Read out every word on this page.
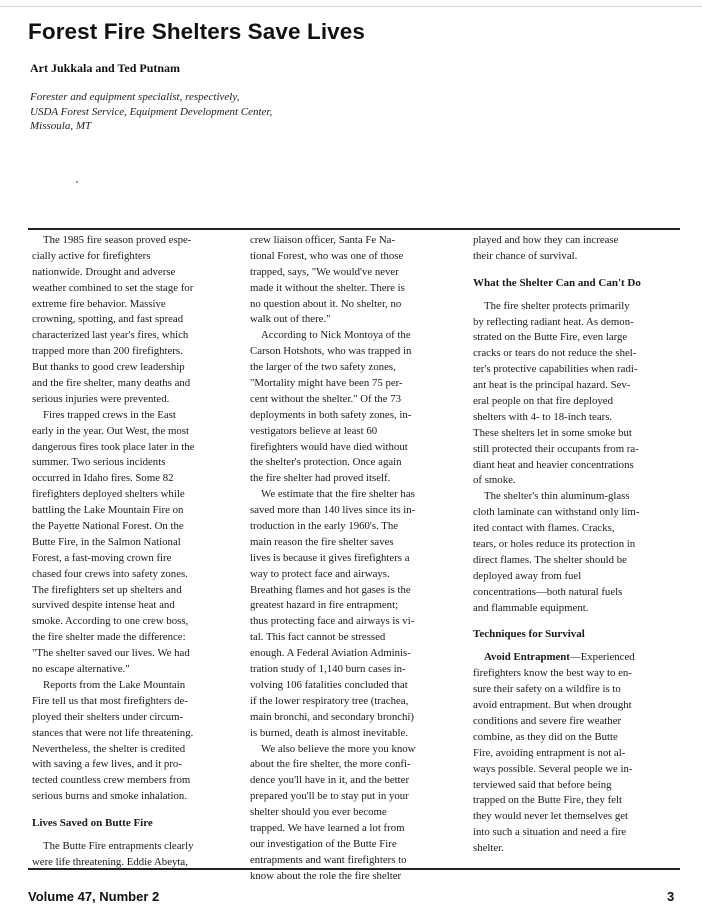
Forest Fire Shelters Save Lives
Art Jukkala and Ted Putnam
Forester and equipment specialist, respectively,
USDA Forest Service, Equipment Development Center,
Missoula, MT
The 1985 fire season proved espe-
cially active for firefighters
nationwide. Drought and adverse
weather combined to set the stage for
extreme fire behavior. Massive
crowning, spotting, and fast spread
characterized last year's fires, which
trapped more than 200 firefighters.
But thanks to good crew leadership
and the fire shelter, many deaths and
serious injuries were prevented.
Fires trapped crews in the East
early in the year. Out West, the most
dangerous fires took place later in the
summer. Two serious incidents
occurred in Idaho fires. Some 82
firefighters deployed shelters while
battling the Lake Mountain Fire on
the Payette National Forest. On the
Butte Fire, in the Salmon National
Forest, a fast-moving crown fire
chased four crews into safety zones.
The firefighters set up shelters and
survived despite intense heat and
smoke. According to one crew boss,
the fire shelter made the difference:
"The shelter saved our lives. We had
no escape alternative."
Reports from the Lake Mountain
Fire tell us that most firefighters de-
ployed their shelters under circum-
stances that were not life threatening.
Nevertheless, the shelter is credited
with saving a few lives, and it pro-
tected countless crew members from
serious burns and smoke inhalation.
Lives Saved on Butte Fire
The Butte Fire entrapments clearly
were life threatening. Eddie Abeyta,
crew liaison officer, Santa Fe Na-
tional Forest, who was one of those
trapped, says, "We would've never
made it without the shelter. There is
no question about it. No shelter, no
walk out of there."
According to Nick Montoya of the
Carson Hotshots, who was trapped in
the larger of the two safety zones,
"Mortality might have been 75 per-
cent without the shelter." Of the 73
deployments in both safety zones, in-
vestigators believe at least 60
firefighters would have died without
the shelter's protection. Once again
the fire shelter had proved itself.
We estimate that the fire shelter has
saved more than 140 lives since its in-
troduction in the early 1960's. The
main reason the fire shelter saves
lives is because it gives firefighters a
way to protect face and airways.
Breathing flames and hot gases is the
greatest hazard in fire entrapment;
thus protecting face and airways is vi-
tal. This fact cannot be stressed
enough. A Federal Aviation Adminis-
tration study of 1,140 burn cases in-
volving 106 fatalities concluded that
if the lower respiratory tree (trachea,
main bronchi, and secondary bronchi)
is burned, death is almost inevitable.
We also believe the more you know
about the fire shelter, the more confi-
dence you'll have in it, and the better
prepared you'll be to stay put in your
shelter should you ever become
trapped. We have learned a lot from
our investigation of the Butte Fire
entrapments and want firefighters to
know about the role the fire shelter
played and how they can increase
their chance of survival.
What the Shelter Can and Can't Do
The fire shelter protects primarily
by reflecting radiant heat. As demon-
strated on the Butte Fire, even large
cracks or tears do not reduce the shel-
ter's protective capabilities when radi-
ant heat is the principal hazard. Sev-
eral people on that fire deployed
shelters with 4- to 18-inch tears.
These shelters let in some smoke but
still protected their occupants from ra-
diant heat and heavier concentrations
of smoke.
The shelter's thin aluminum-glass
cloth laminate can withstand only lim-
ited contact with flames. Cracks,
tears, or holes reduce its protection in
direct flames. The shelter should be
deployed away from fuel
concentrations—both natural fuels
and flammable equipment.
Techniques for Survival
Avoid Entrapment—Experienced
firefighters know the best way to en-
sure their safety on a wildfire is to
avoid entrapment. But when drought
conditions and severe fire weather
combine, as they did on the Butte
Fire, avoiding entrapment is not al-
ways possible. Several people we in-
terviewed said that before being
trapped on the Butte Fire, they felt
they would never let themselves get
into such a situation and need a fire
shelter.
Volume 47, Number 2	3
